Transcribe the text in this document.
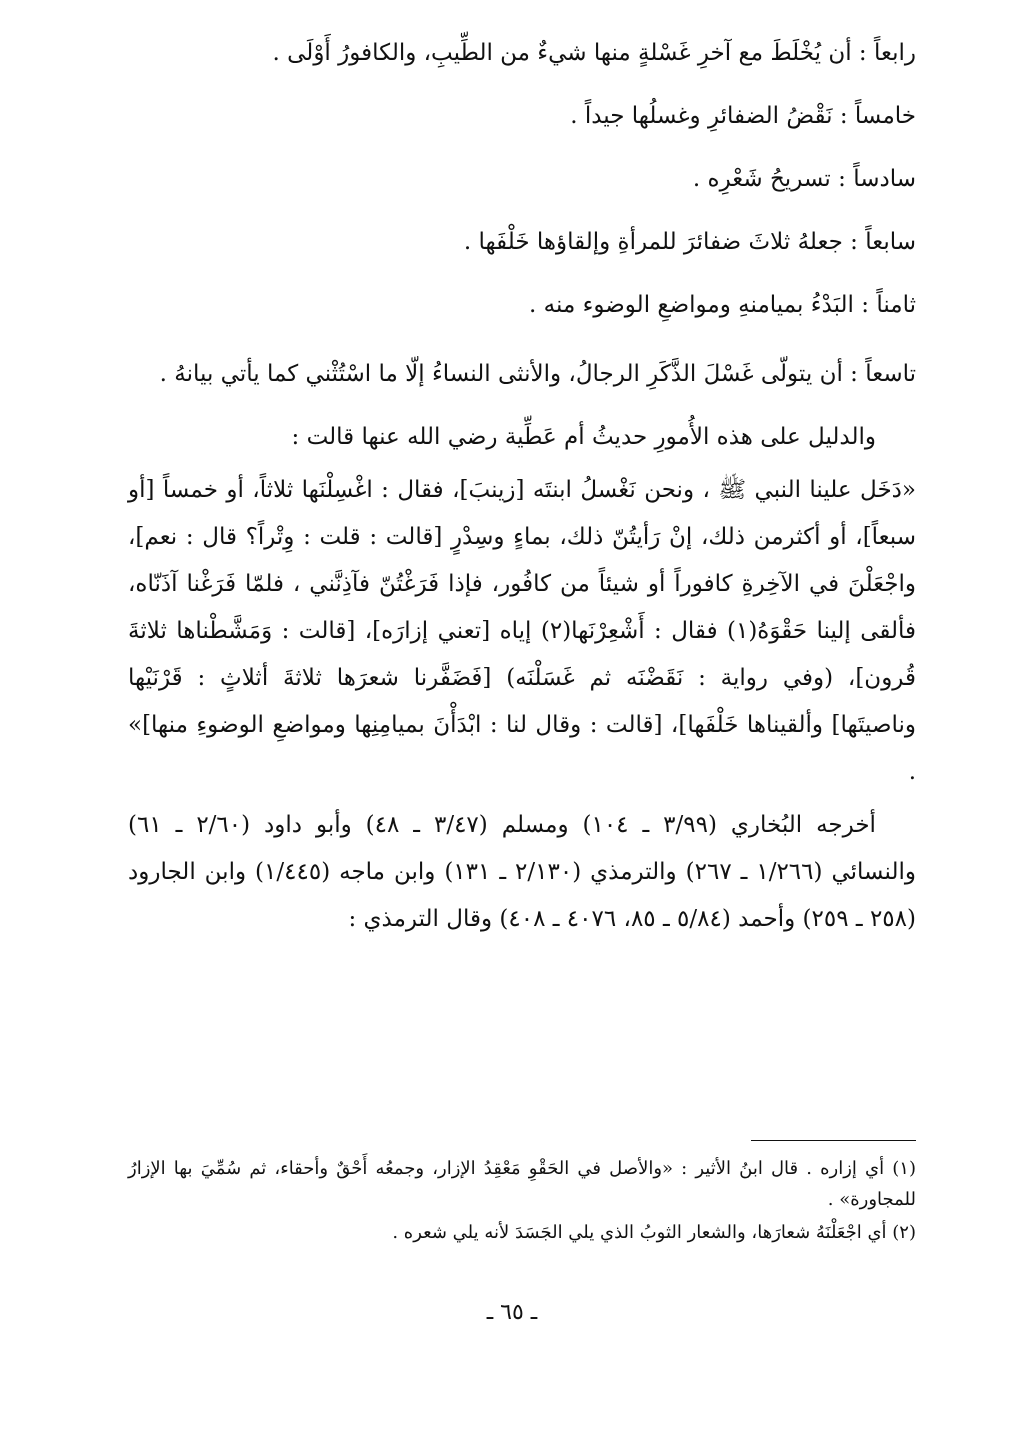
رابعاً : أن يُخْلَطَ مع آخرِ غَسْلةٍ منها شيءٌ من الطِّيبِ، والكافورُ أَوْلَى .

خامساً : نَقْضُ الضفائرِ وغسلُها جيداً .

سادساً : تسريحُ شَعْرِه .

سابعاً : جعلهُ ثلاثَ ضفائرَ للمرأةِ وإلقاؤها خَلْفَها .

ثامناً : البَدْءُ بميامنهِ ومواضعِ الوضوء منه .

تاسعاً : أن يتولّى غَسْلَ الذَّكَرِ الرجالُ، والأنثى النساءُ إلّا ما اسْتُثْني كما يأتي بيانهُ .

والدليل على هذه الأُمورِ حديثُ أم عَطِّية رضي الله عنها قالت :

«دَخَل علينا النبي ﷺ ، ونحن نَغْسلُ ابنتَه [زينبَ]، فقال : اغْسِلْنَها ثلاثاً، أو خمساً [أو سبعاً]، أو أكثرمن ذلك، إنْ رَأيتُنّ ذلك، بماءٍ وسِدْرٍ [قالت : قلت : وِتْراً؟ قال : نعم]، واجْعَلْنَ في الآخِرةِ كافوراً أو شيئاً من كافُور، فإذا فَرَغْتُنّ فآذِنَّني ، فلمّا فَرَغْنا آذَنّاه، فألقى إلينا حَقْوَهُ(١) فقال : أَشْعِرْنَها(٢) إياه [تعني إزارَه]، [قالت : وَمَشَّطْناها ثلاثةَ قُرون]، (وفي رواية : نَقَضْنَه ثم غَسَلْنَه) [فَضَفَّرنا شعرَها ثلاثةَ أثلاثٍ : قَرْنَيْها وناصيتَها] وألقيناها خَلْفَها]، [قالت : وقال لنا : ابْدَأْنَ بميامِنِها ومواضعِ الوضوءِ منها]» .

أخرجه البُخاري (٣/٩٩ ـ ١٠٤) ومسلم (٣/٤٧ ـ ٤٨) وأبو داود (٢/٦٠ ـ ٦١) والنسائي (١/٢٦٦ ـ ٢٦٧) والترمذي (٢/١٣٠ ـ ١٣١) وابن ماجه (١/٤٤٥) وابن الجارود (٢٥٨ ـ ٢٥٩) وأحمد (٥/٨٤ ـ ٨٥، ٤٠٧٦ ـ ٤٠٨) وقال الترمذي :

(١) أي إزاره . قال ابنُ الأثير : «والأصل في الحَقْوِ مَعْقِدُ الإزار، وجمعُه أَحْقٌ وأحقاء، ثم سُمِّيَ بها الإزارُ للمجاورة» .

(٢) أي اجْعَلْنَهُ شعارَها، والشعار الثوبُ الذي يلي الجَسَدَ لأنه يلي شعره .

ـ ٦٥ ـ
